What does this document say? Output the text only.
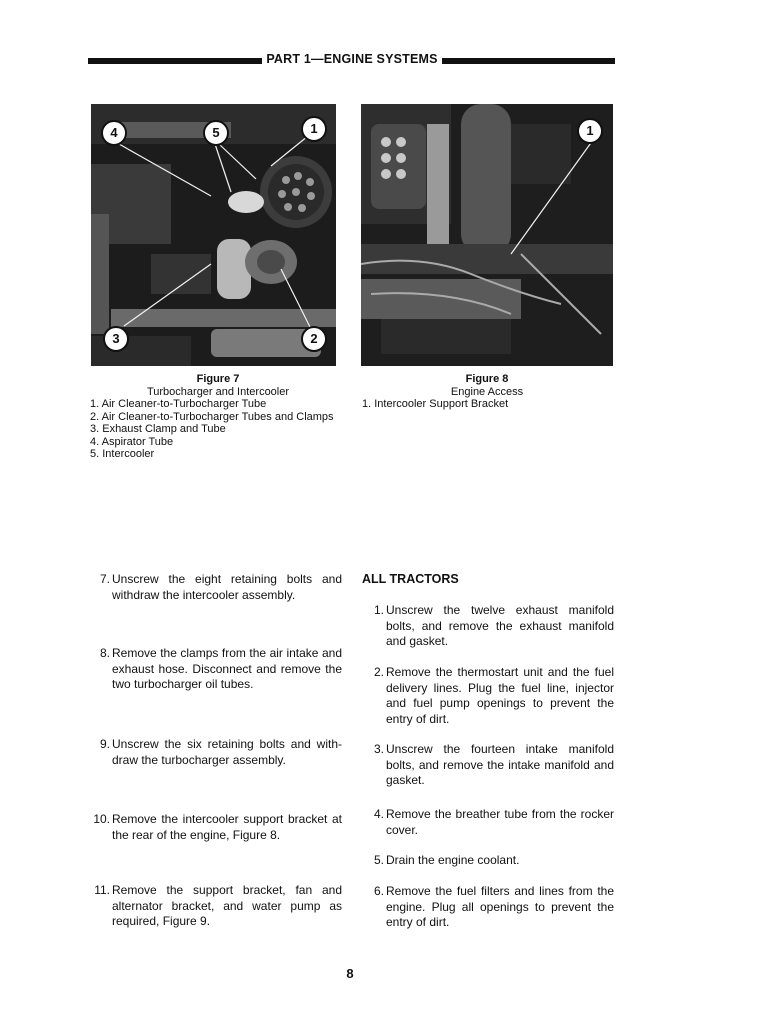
PART 1—ENGINE SYSTEMS
4	5	1
3	2
1
Figure 7
Turbocharger and Intercooler
1. Air Cleaner-to-Turbocharger Tube
2. Air Cleaner-to-Turbocharger Tubes and Clamps
3. Exhaust Clamp and Tube
4. Aspirator Tube
5. Intercooler
Figure 8
Engine Access
1. Intercooler Support Bracket
7. Unscrew the eight retaining bolts and withdraw the intercooler assembly.
8. Remove the clamps from the air intake and exhaust hose. Disconnect and remove the two turbocharger oil tubes.
9. Unscrew the six retaining bolts and with-draw the turbocharger assembly.
10. Remove the intercooler support bracket at the rear of the engine, Figure 8.
11. Remove the support bracket, fan and alternator bracket, and water pump as required, Figure 9.
ALL TRACTORS
1. Unscrew the twelve exhaust manifold bolts, and remove the exhaust manifold and gasket.
2. Remove the thermostart unit and the fuel delivery lines. Plug the fuel line, injector and fuel pump openings to prevent the entry of dirt.
3. Unscrew the fourteen intake manifold bolts, and remove the intake manifold and gasket.
4. Remove the breather tube from the rocker cover.
5. Drain the engine coolant.
6. Remove the fuel filters and lines from the engine. Plug all openings to prevent the entry of dirt.
8
